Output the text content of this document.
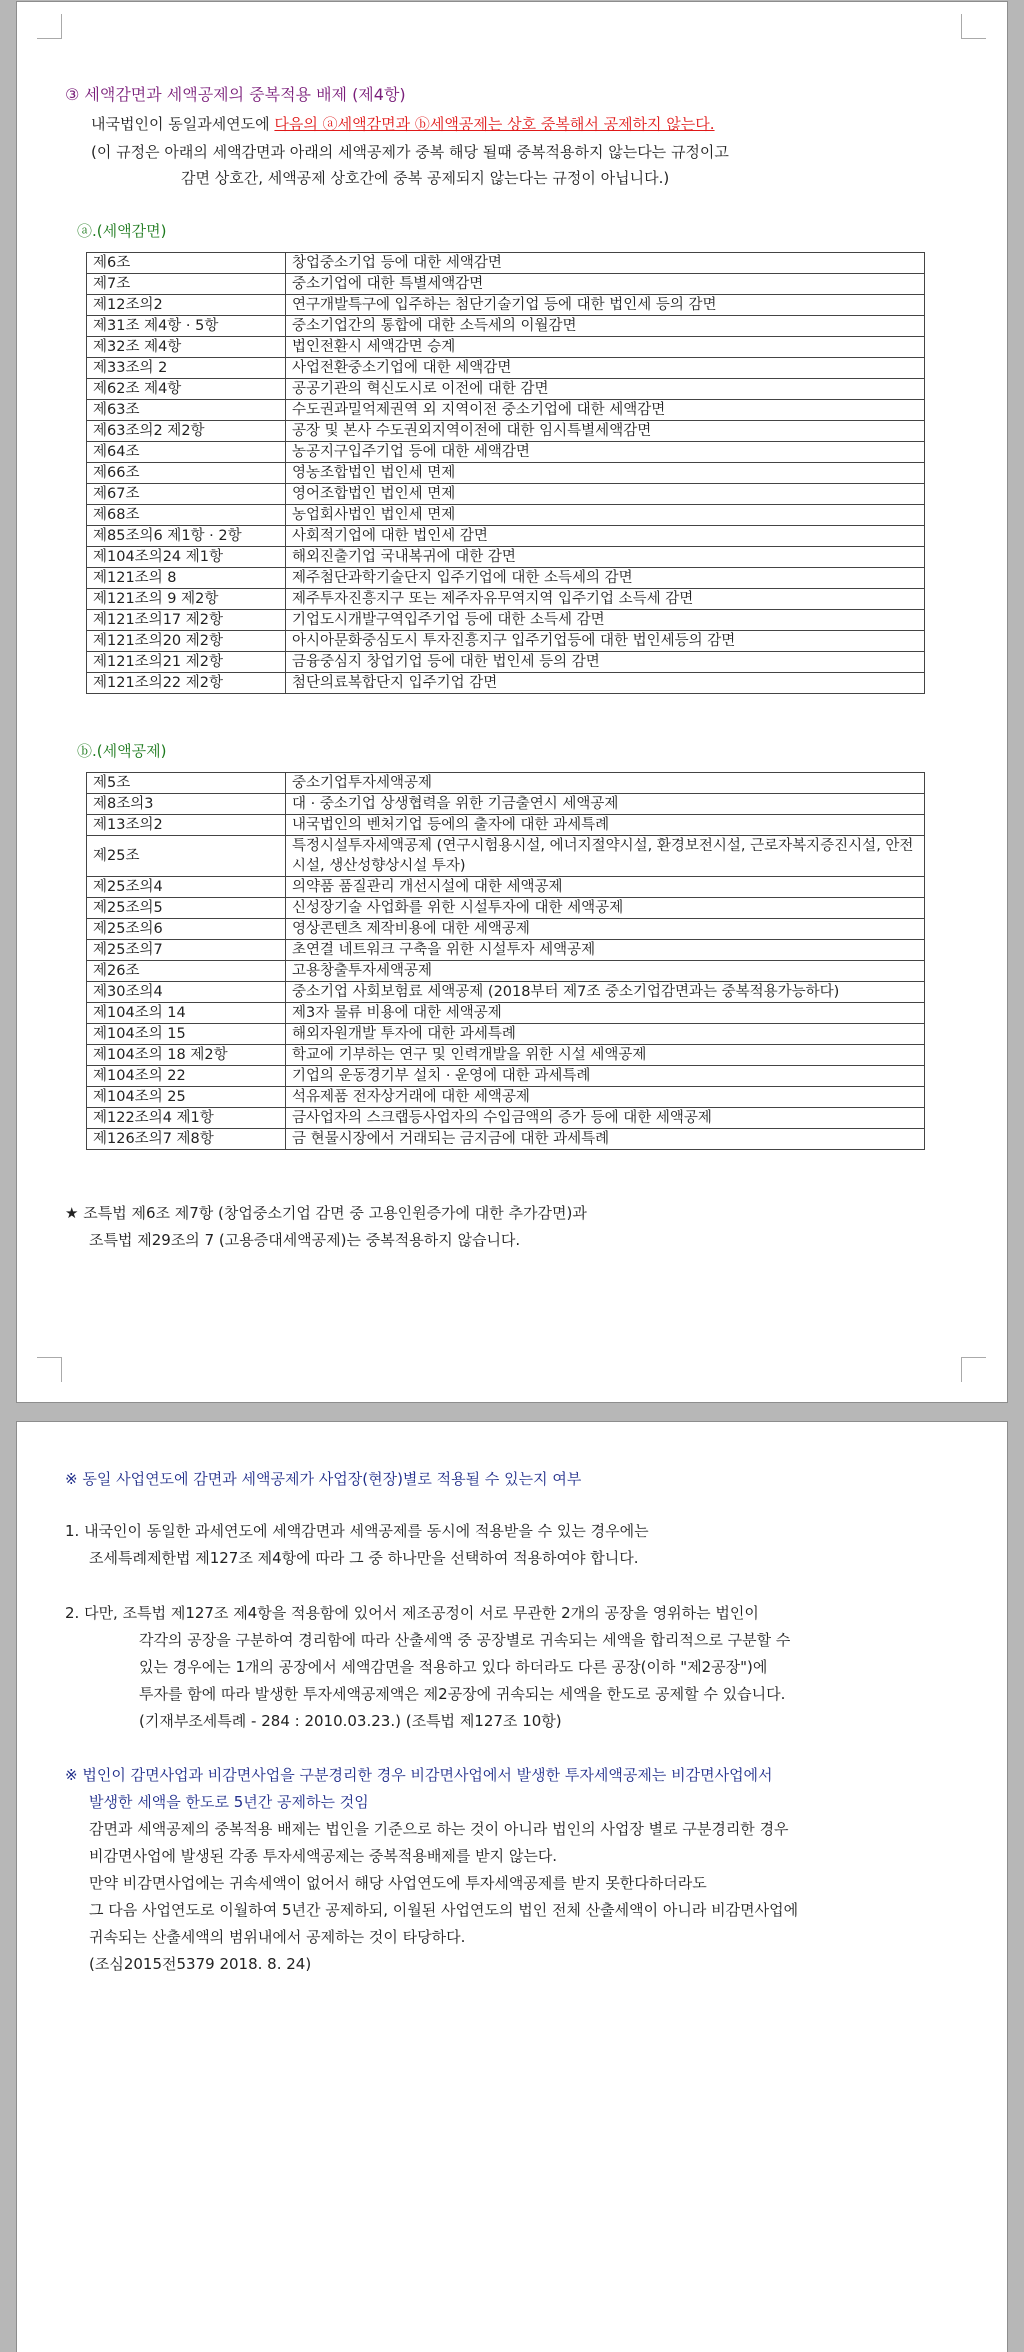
③ 세액감면과 세액공제의 중복적용 배제 (제4항)
내국법인이 동일과세연도에 다음의 ⓐ세액감면과 ⓑ세액공제는 상호 중복해서 공제하지 않는다.
(이 규정은 아래의 세액감면과 아래의 세액공제가 중복 해당 될때 중복적용하지 않는다는 규정이고
감면 상호간, 세액공제 상호간에 중복 공제되지 않는다는 규정이 아닙니다.)
ⓐ.(세액감면)
제6조	창업중소기업 등에 대한 세액감면
제7조	중소기업에 대한 특별세액감면
제12조의2	연구개발특구에 입주하는 첨단기술기업 등에 대한 법인세 등의 감면
제31조 제4항 · 5항	중소기업간의 통합에 대한 소득세의 이월감면
제32조 제4항	법인전환시 세액감면 승계
제33조의 2	사업전환중소기업에 대한 세액감면
제62조 제4항	공공기관의 혁신도시로 이전에 대한 감면
제63조	수도권과밀억제권역 외 지역이전 중소기업에 대한 세액감면
제63조의2 제2항	공장 및 본사 수도권외지역이전에 대한 임시특별세액감면
제64조	농공지구입주기업 등에 대한 세액감면
제66조	영농조합법인 법인세 면제
제67조	영어조합법인 법인세 면제
제68조	농업회사법인 법인세 면제
제85조의6 제1항 · 2항	사회적기업에 대한 법인세 감면
제104조의24 제1항	해외진출기업 국내복귀에 대한 감면
제121조의 8	제주첨단과학기술단지 입주기업에 대한 소득세의 감면
제121조의 9 제2항	제주투자진흥지구 또는 제주자유무역지역 입주기업 소득세 감면
제121조의17 제2항	기업도시개발구역입주기업 등에 대한 소득세 감면
제121조의20 제2항	아시아문화중심도시 투자진흥지구 입주기업등에 대한 법인세등의 감면
제121조의21 제2항	금융중심지 창업기업 등에 대한 법인세 등의 감면
제121조의22 제2항	첨단의료복합단지 입주기업 감면
ⓑ.(세액공제)
제5조	중소기업투자세액공제
제8조의3	대 · 중소기업 상생협력을 위한 기금출연시 세액공제
제13조의2	내국법인의 벤처기업 등에의 출자에 대한 과세특례
제25조	특정시설투자세액공제 (연구시험용시설, 에너지절약시설, 환경보전시설, 근로자복지증진시설, 안전시설, 생산성향상시설 투자)
제25조의4	의약품 품질관리 개선시설에 대한 세액공제
제25조의5	신성장기술 사업화를 위한 시설투자에 대한 세액공제
제25조의6	영상콘텐츠 제작비용에 대한 세액공제
제25조의7	초연결 네트워크 구축을 위한 시설투자 세액공제
제26조	고용창출투자세액공제
제30조의4	중소기업 사회보험료 세액공제 (2018부터 제7조 중소기업감면과는 중복적용가능하다)
제104조의 14	제3자 물류 비용에 대한 세액공제
제104조의 15	해외자원개발 투자에 대한 과세특례
제104조의 18 제2항	학교에 기부하는 연구 및 인력개발을 위한 시설 세액공제
제104조의 22	기업의 운동경기부 설치 · 운영에 대한 과세특례
제104조의 25	석유제품 전자상거래에 대한 세액공제
제122조의4 제1항	금사업자의 스크랩등사업자의 수입금액의 증가 등에 대한 세액공제
제126조의7 제8항	금 현물시장에서 거래되는 금지금에 대한 과세특례
★ 조특법 제6조 제7항 (창업중소기업 감면 중 고용인원증가에 대한 추가감면)과
조특법 제29조의 7 (고용증대세액공제)는 중복적용하지 않습니다.
※ 동일 사업연도에 감면과 세액공제가 사업장(현장)별로 적용될 수 있는지 여부
1. 내국인이 동일한 과세연도에 세액감면과 세액공제를 동시에 적용받을 수 있는 경우에는
조세특례제한법 제127조 제4항에 따라 그 중 하나만을 선택하여 적용하여야 합니다.
2. 다만, 조특법 제127조 제4항을 적용함에 있어서 제조공정이 서로 무관한 2개의 공장을 영위하는 법인이
각각의 공장을 구분하여 경리함에 따라 산출세액 중 공장별로 귀속되는 세액을 합리적으로 구분할 수
있는 경우에는 1개의 공장에서 세액감면을 적용하고 있다 하더라도 다른 공장(이하 "제2공장")에
투자를 함에 따라 발생한 투자세액공제액은 제2공장에 귀속되는 세액을 한도로 공제할 수 있습니다.
(기재부조세특례 - 284 : 2010.03.23.) (조특법 제127조 10항)
※ 법인이 감면사업과 비감면사업을 구분경리한 경우 비감면사업에서 발생한 투자세액공제는 비감면사업에서
발생한 세액을 한도로 5년간 공제하는 것임
감면과 세액공제의 중복적용 배제는 법인을 기준으로 하는 것이 아니라 법인의 사업장 별로 구분경리한 경우
비감면사업에 발생된 각종 투자세액공제는 중복적용배제를 받지 않는다.
만약 비감면사업에는 귀속세액이 없어서 해당 사업연도에 투자세액공제를 받지 못한다하더라도
그 다음 사업연도로 이월하여 5년간 공제하되, 이월된 사업연도의 법인 전체 산출세액이 아니라 비감면사업에
귀속되는 산출세액의 범위내에서 공제하는 것이 타당하다.
(조심2015전5379 2018. 8. 24)
